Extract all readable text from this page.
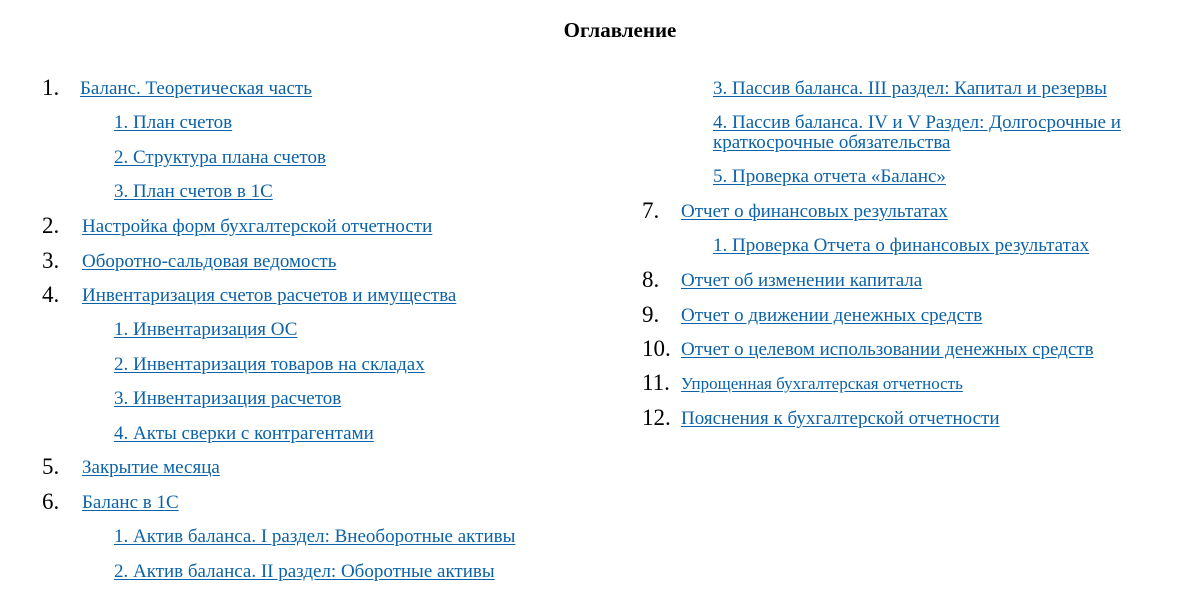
Оглавление
1. Баланс. Теоретическая часть
1. План счетов
2. Структура плана счетов
3. План счетов в 1С
2. Настройка форм бухгалтерской отчетности
3. Оборотно-сальдовая ведомость
4. Инвентаризация счетов расчетов и имущества
1. Инвентаризация ОС
2. Инвентаризация товаров на складах
3. Инвентаризация расчетов
4. Акты сверки с контрагентами
5. Закрытие месяца
6. Баланс в 1С
1. Актив баланса. I раздел: Внеоборотные активы
2. Актив баланса. II раздел: Оборотные активы
3. Пассив баланса. III раздел: Капитал и резервы
4. Пассив баланса. IV и V Раздел: Долгосрочные и краткосрочные обязательства
5. Проверка отчета «Баланс»
7. Отчет о финансовых результатах
1. Проверка Отчета о финансовых результатах
8. Отчет об изменении капитала
9. Отчет о движении денежных средств
10. Отчет о целевом использовании денежных средств
11. Упрощенная бухгалтерская отчетность
12. Пояснения к бухгалтерской отчетности
